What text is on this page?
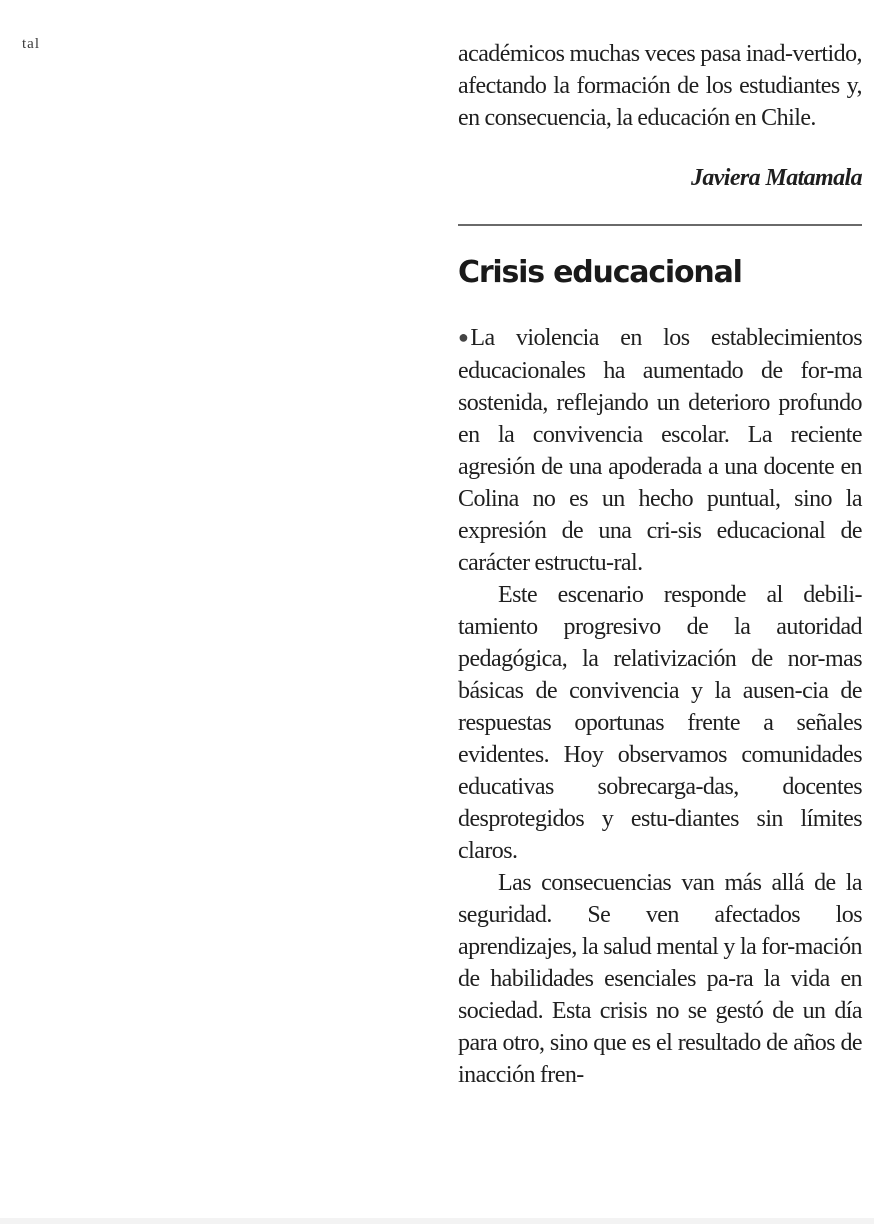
tal	académicos muchas veces pasa inad-vertido, afectando la formación de los estudiantes y, en consecuencia, la educación en Chile.

Javiera Matamala
Crisis educacional

●La violencia en los establecimientos educacionales ha aumentado de for-ma sostenida, reflejando un deterioro profundo en la convivencia escolar. La reciente agresión de una apoderada a una docente en Colina no es un hecho puntual, sino la expresión de una cri-sis educacional de carácter estructu-ral.

Este escenario responde al debili-tamiento progresivo de la autoridad pedagógica, la relativización de nor-mas básicas de convivencia y la ausen-cia de respuestas oportunas frente a señales evidentes. Hoy observamos comunidades educativas sobrecarga-das, docentes desprotegidos y estu-diantes sin límites claros.

Las consecuencias van más allá de la seguridad. Se ven afectados los aprendizajes, la salud mental y la for-mación de habilidades esenciales pa-ra la vida en sociedad. Esta crisis no se gestó de un día para otro, sino que es el resultado de años de inacción fren-
